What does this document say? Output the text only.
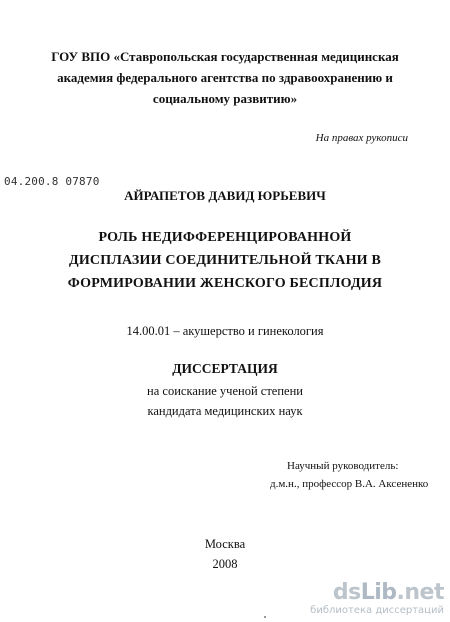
ГОУ ВПО «Ставропольская государственная медицинская
академия федерального агентства по здравоохранению и
социальному развитию»
На правах рукописи
04.200.8 07870
АЙРАПЕТОВ ДАВИД ЮРЬЕВИЧ
РОЛЬ НЕДИФФЕРЕНЦИРОВАННОЙ
ДИСПЛАЗИИ СОЕДИНИТЕЛЬНОЙ ТКАНИ В
ФОРМИРОВАНИИ ЖЕНСКОГО БЕСПЛОДИЯ
14.00.01 – акушерство и гинекология
ДИССЕРТАЦИЯ
на соискание ученой степени
кандидата медицинских наук
Научный руководитель:
д.м.н., профессор В.А. Аксененко
Москва
2008
dsLib.net
библиотека диссертаций
